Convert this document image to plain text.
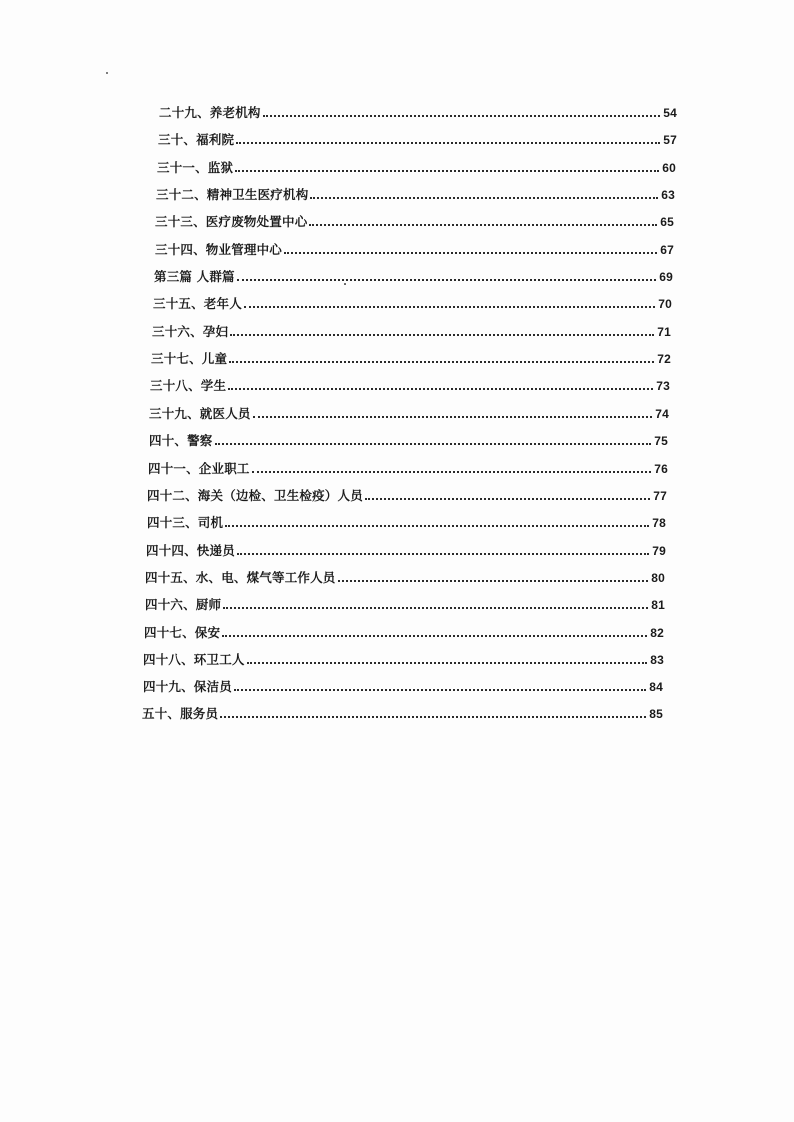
二十九、养老机构	54
三十、福利院	57
三十一、监狱	60
三十二、精神卫生医疗机构	63
三十三、医疗废物处置中心	65
三十四、物业管理中心	67
第三篇 人群篇	69
三十五、老年人	70
三十六、孕妇	71
三十七、儿童	72
三十八、学生	73
三十九、就医人员	74
四十、警察	75
四十一、企业职工	76
四十二、海关（边检、卫生检疫）人员	77
四十三、司机	78
四十四、快递员	79
四十五、水、电、煤气等工作人员	80
四十六、厨师	81
四十七、保安	82
四十八、环卫工人	83
四十九、保洁员	84
五十、服务员	85
